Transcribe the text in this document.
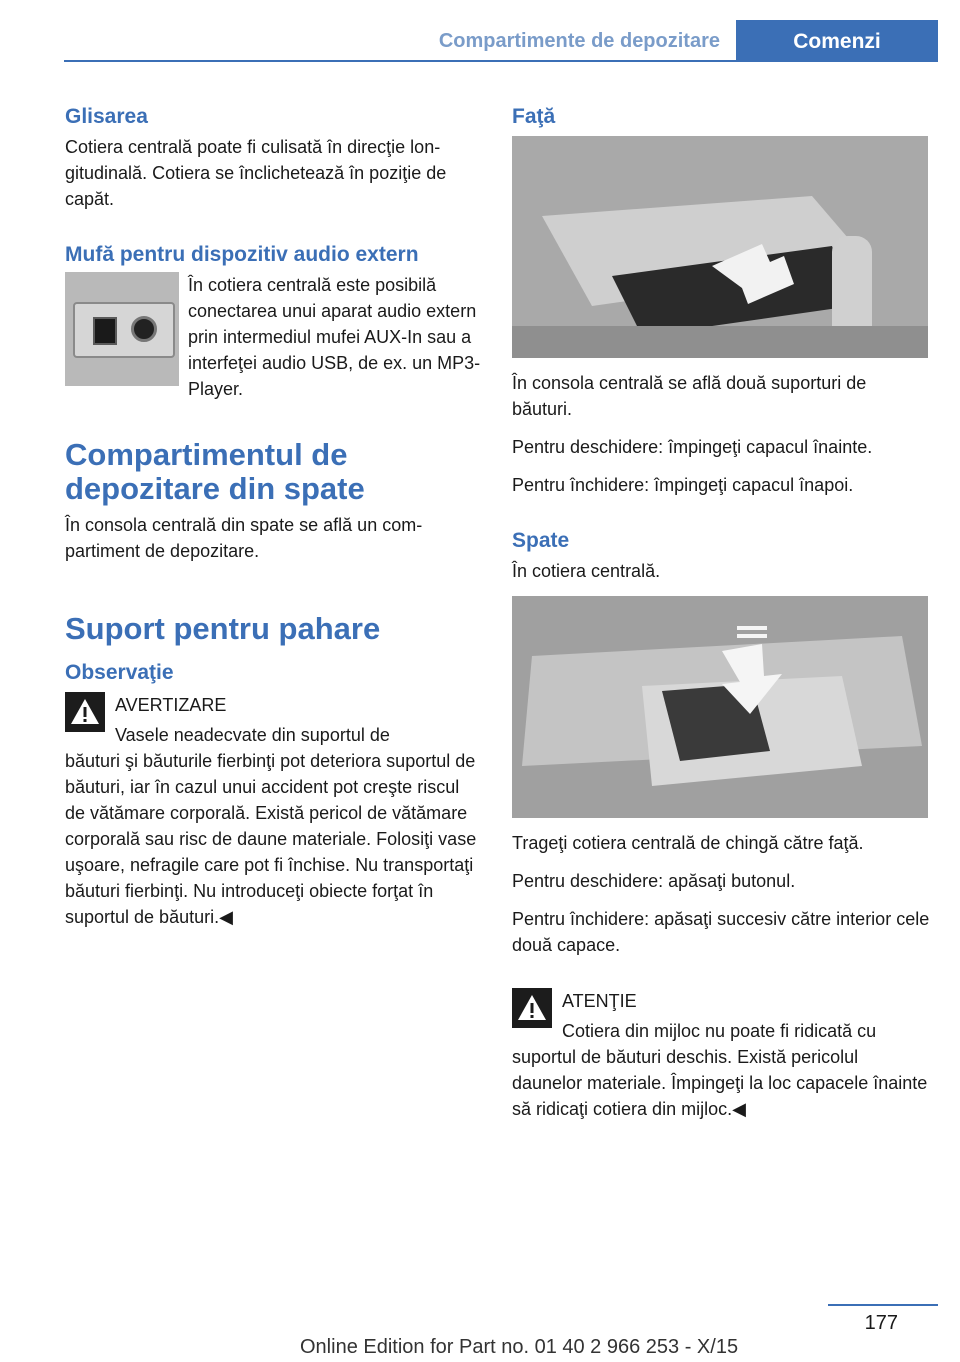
Compartimente de depozitare	Comenzi
Glisarea

Cotiera centrală poate fi culisată în direcţie longitudinală. Cotiera se înclichetează în poziţie de capăt.

Mufă pentru dispozitiv audio extern

În cotiera centrală este posibilă conectarea unui aparat audio extern prin intermediul mufei AUX-In sau a interfeţei audio USB, de ex. un MP3-Player.

Compartimentul de depozitare din spate

În consola centrală din spate se află un compartiment de depozitare.

Suport pentru pahare
Observaţie
AVERTIZARE

Vasele neadecvate din suportul de
băuturi şi băuturile fierbinţi pot deteriora suportul de băuturi, iar în cazul unui accident pot creşte riscul de vătămare corporală. Există pericol de vătămare corporală sau risc de daune materiale. Folosiţi vase uşoare, nefragile care pot fi închise. Nu transportaţi băuturi fierbinţi. Nu introduceţi obiecte forţat în suportul de băuturi.◀

Faţă

În consola centrală se află două suporturi de băuturi.

Pentru deschidere: împingeţi capacul înainte.

Pentru închidere: împingeţi capacul înapoi.

Spate

În cotiera centrală.

Trageţi cotiera centrală de chingă către faţă.

Pentru deschidere: apăsaţi butonul.

Pentru închidere: apăsaţi succesiv către interior cele două capace.

ATENŢIE

Cotiera din mijloc nu poate fi ridicată cu
suportul de băuturi deschis. Există pericolul daunelor materiale. Împingeţi la loc capacele înainte să ridicaţi cotiera din mijloc.◀

177
Online Edition for Part no. 01 40 2 966 253 - X/15
